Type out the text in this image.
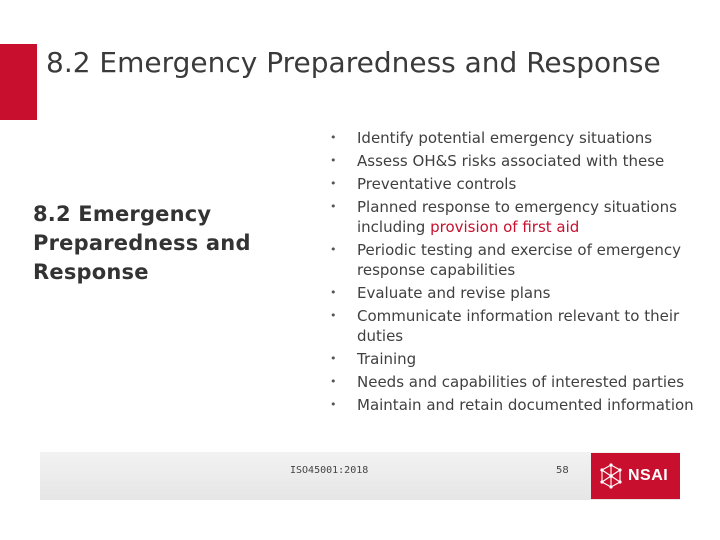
8.2 Emergency Preparedness and Response
8.2 Emergency Preparedness and Response
• Identify potential emergency situations
• Assess OH&S risks associated with these
• Preventative controls
• Planned response to emergency situations including provision of first aid
• Periodic testing and exercise of emergency response capabilities
• Evaluate and revise plans
• Communicate information relevant to their duties
• Training
• Needs and capabilities of interested parties
• Maintain and retain documented information
ISO45001:2018	58	NSAI
